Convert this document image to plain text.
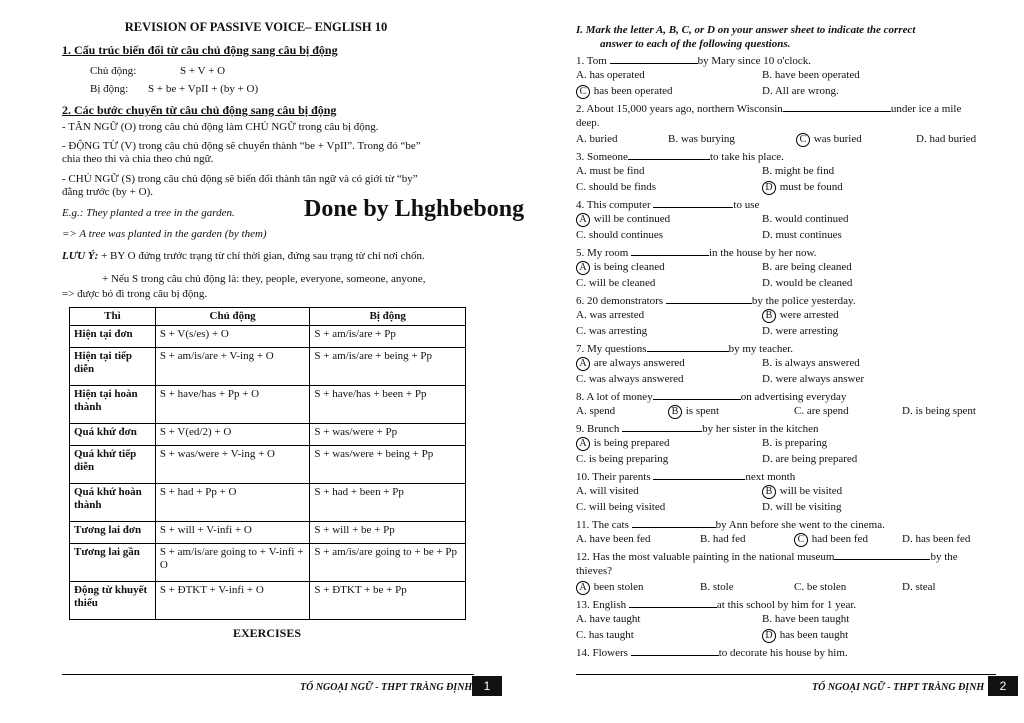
REVISION OF PASSIVE VOICE– ENGLISH 10
1. Cấu trúc biến đổi từ câu chủ động sang câu bị động
Chủ động:	S + V + O
Bị động: S + be + VpII + (by + O)
2. Các bước chuyển từ câu chủ động sang câu bị động
- TÂN NGỮ (O) trong câu chủ động làm CHỦ NGỮ trong câu bị động.
- ĐỘNG TỪ (V) trong câu chủ động sẽ chuyển thành “be + VpII”. Trong đó “be”
chia theo thì và chia theo chủ ngữ.
- CHỦ NGỮ (S) trong câu chủ động sẽ biến đổi thành tân ngữ và có giới từ “by”
đằng trước (by + O).
E.g.: They planted a tree in the garden.
=> A tree was planted in the garden (by them)
LƯU Ý: + BY O đứng trước trạng từ chỉ thời gian, đứng sau trạng từ chỉ nơi chốn.
+ Nếu S trong câu chủ động là: they, people, everyone, someone, anyone,
=> được bỏ đi trong câu bị động.
Thì	Chủ động	Bị động
Hiện tại đơn	S + V(s/es) + O	S + am/is/are + Pp
Hiện tại tiếp diễn	S + am/is/are + V-ing + O	S + am/is/are + being + Pp
Hiện tại hoàn thành	S + have/has + Pp + O	S + have/has + been + Pp
Quá khứ đơn	S + V(ed/2) + O	S + was/were + Pp
Quá khứ tiếp diễn	S + was/were + V-ing + O	S + was/were + being + Pp
Quá khứ hoàn thành	S + had + Pp + O	S + had + been + Pp
Tương lai đơn	S + will + V-infi + O	S + will + be + Pp
Tương lai gần	S + am/is/are going to + V-infi + O	S + am/is/are going to + be + Pp
Động từ khuyết thiếu	S + ĐTKT + V-infi + O	S + ĐTKT + be + Pp
EXERCISES
TỔ NGOẠI NGỮ - THPT TRÀNG ĐỊNH 1
I. Mark the letter A, B, C, or D on your answer sheet to indicate the correct
answer to each of the following questions.
1. Tom	by Mary since 10 o'clock.
A. has operated	B. have been operated
C has been operated	D. All are wrong.
2. About 15,000 years ago, northern Wisconsin	under ice a mile
deep.
A. buried	B. was burying	C was buried	D. had buried
3. Someone	to take his place.
A. must be find	B. might be find
C. should be finds	D must be found
4. This computer	to use
A will be continued	B. would continued
C. should continues	D. must continues
5. My room	in the house by her now.
A is being cleaned	B. are being cleaned
C. will be cleaned	D. would be cleaned
6. 20 demonstrators	by the police yesterday.
A. was arrested	B were arrested
C. was arresting	D. were arresting
7. My questions	by my teacher.
A are always answered	B. is always answered
C. was always answered	D. were always answer
8. A lot of money	on advertising everyday
A. spend	B is spent	C. are spend	D. is being spent
9. Brunch	by her sister in the kitchen
A is being prepared	B. is preparing
C. is being preparing	D. are being prepared
10. Their parents	next month
A. will visited	B will be visited
C. will being visited	D. will be visiting
11. The cats	by Ann before she went to the cinema.
A. have been fed	B. had fed	C had been fed	D. has been fed
12. Has the most valuable painting in the national museum	by the
thieves?
A been stolen	B. stole	C. be stolen	D. steal
13. English	at this school by him for 1 year.
A. have taught	B. have been taught
C. has taught	D has been taught
14. Flowers	to decorate his house by him.
TỔ NGOẠI NGỮ - THPT TRÀNG ĐỊNH	2
Done by Lhghbebong
